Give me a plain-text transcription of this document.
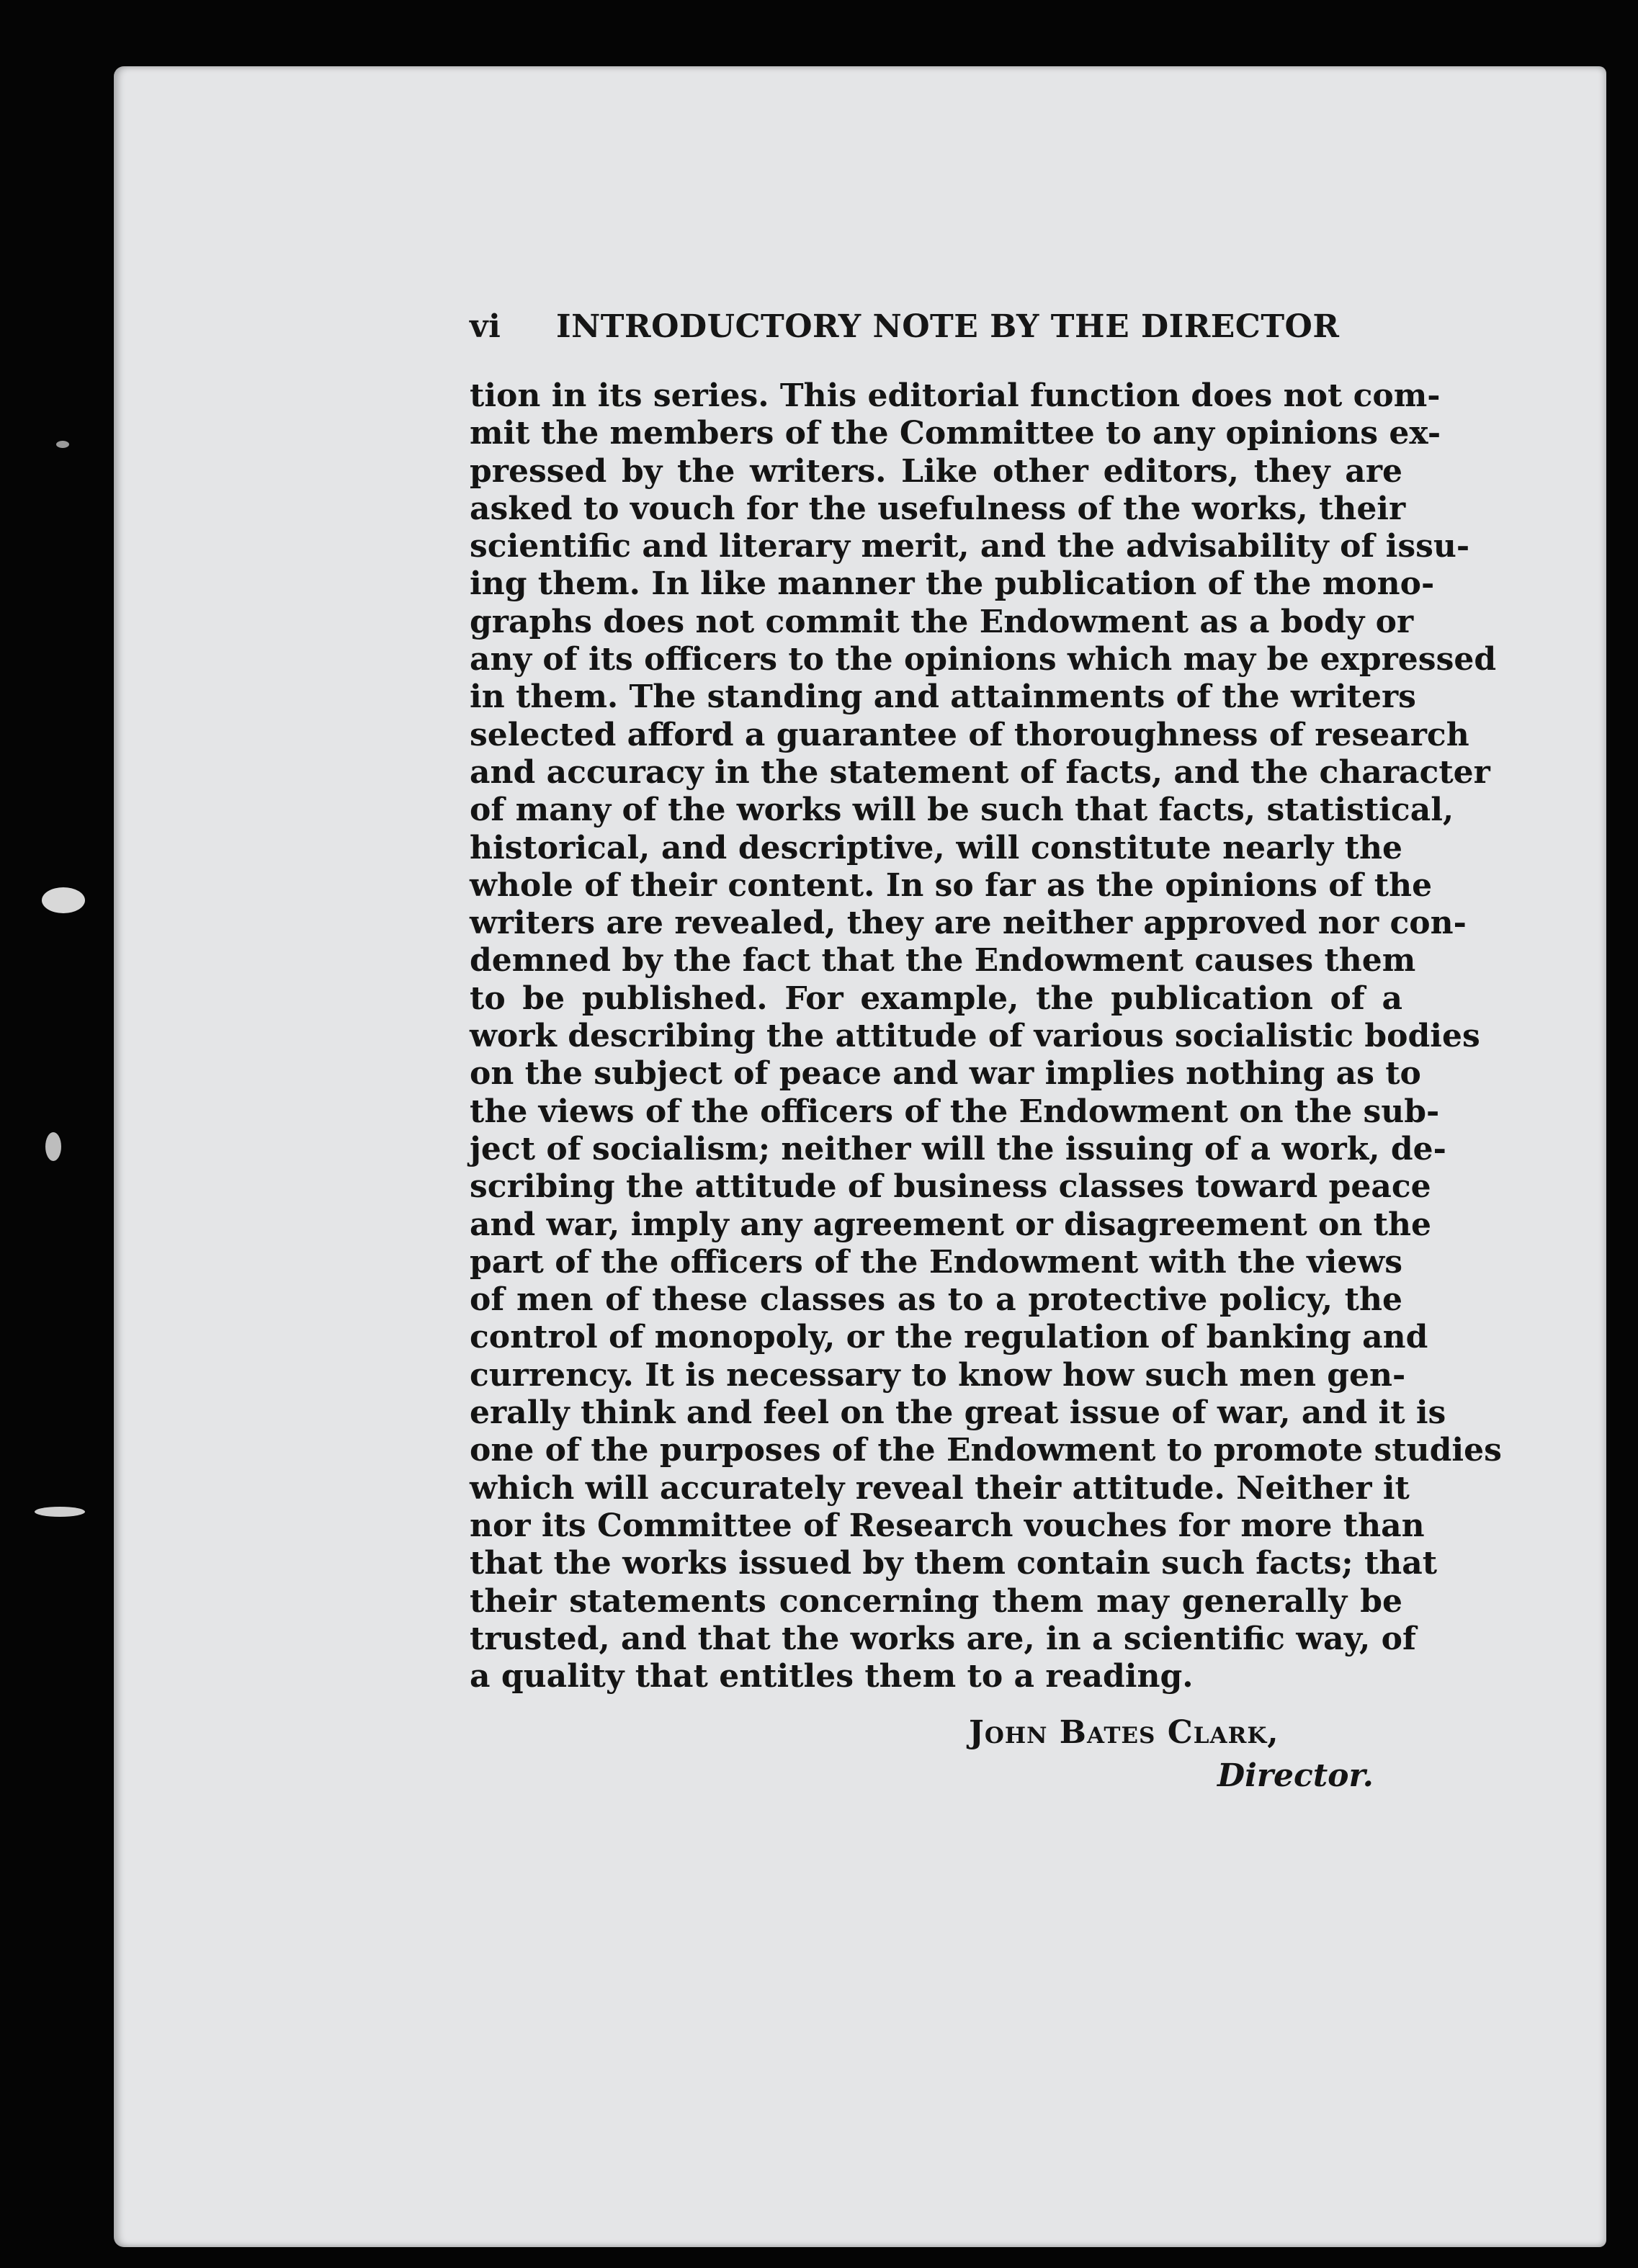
vi INTRODUCTORY NOTE BY THE DIRECTOR
tion in its series. This editorial function does not com-
mit the members of the Committee to any opinions ex-
pressed by the writers. Like other editors, they are
asked to vouch for the usefulness of the works, their
scientific and literary merit, and the advisability of issu-
ing them. In like manner the publication of the mono-
graphs does not commit the Endowment as a body or
any of its officers to the opinions which may be expressed
in them. The standing and attainments of the writers
selected afford a guarantee of thoroughness of research
and accuracy in the statement of facts, and the character
of many of the works will be such that facts, statistical,
historical, and descriptive, will constitute nearly the
whole of their content. In so far as the opinions of the
writers are revealed, they are neither approved nor con-
demned by the fact that the Endowment causes them
to be published. For example, the publication of a
work describing the attitude of various socialistic bodies
on the subject of peace and war implies nothing as to
the views of the officers of the Endowment on the sub-
ject of socialism; neither will the issuing of a work, de-
scribing the attitude of business classes toward peace
and war, imply any agreement or disagreement on the
part of the officers of the Endowment with the views
of men of these classes as to a protective policy, the
control of monopoly, or the regulation of banking and
currency. It is necessary to know how such men gen-
erally think and feel on the great issue of war, and it is
one of the purposes of the Endowment to promote studies
which will accurately reveal their attitude. Neither it
nor its Committee of Research vouches for more than
that the works issued by them contain such facts; that
their statements concerning them may generally be
trusted, and that the works are, in a scientific way, of
a quality that entitles them to a reading.
John Bates Clark,
Director.
